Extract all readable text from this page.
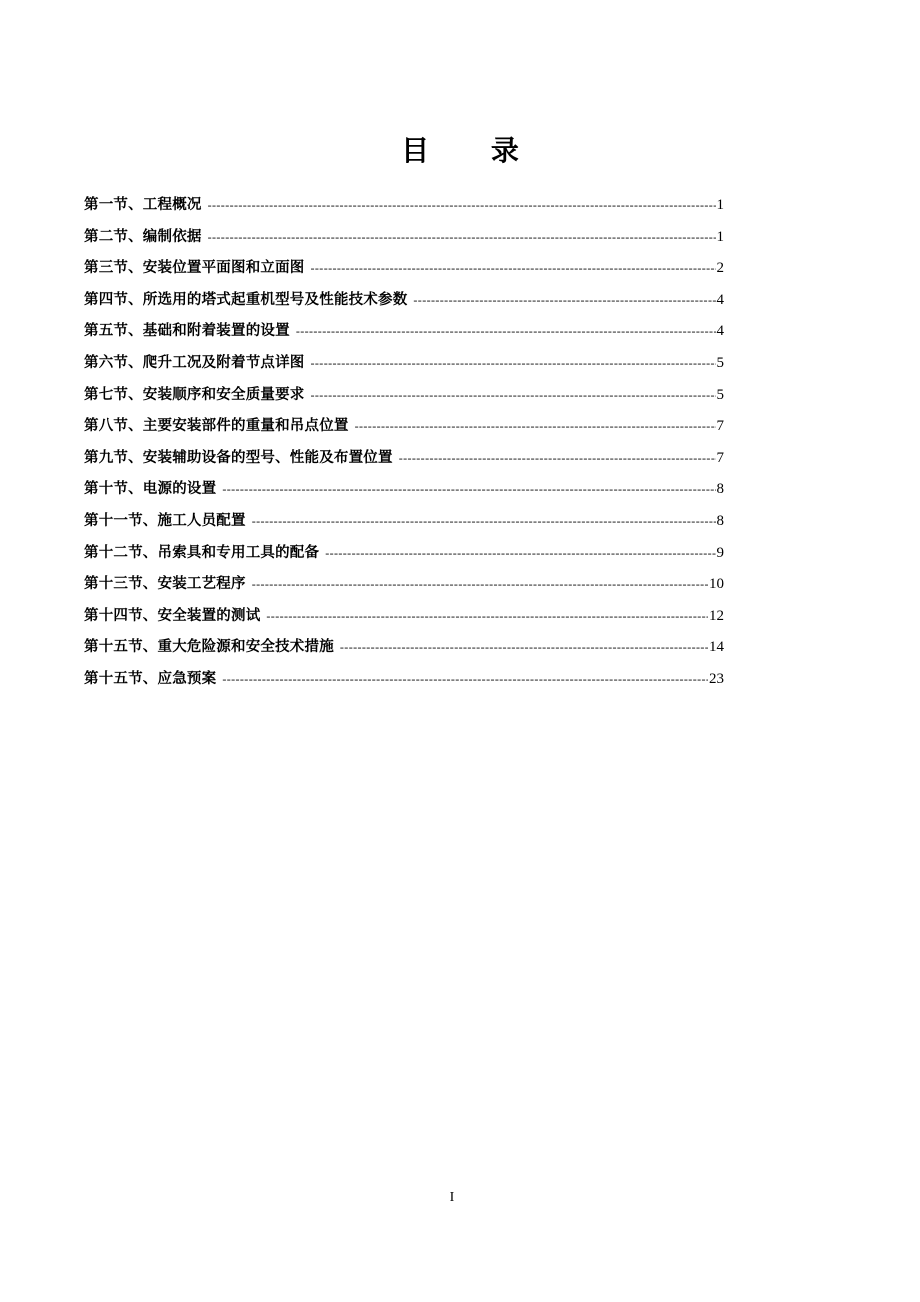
目 录
第一节、工程概况 -----	1
第二节、编制依据 -----	1
第三节、安装位置平面图和立面图 -----	2
第四节、所选用的塔式起重机型号及性能技术参数 -----	4
第五节、基础和附着装置的设置 -----	4
第六节、爬升工况及附着节点详图 -----	5
第七节、安装顺序和安全质量要求 -----	5
第八节、主要安装部件的重量和吊点位置 -----	7
第九节、安装辅助设备的型号、性能及布置位置 -----	7
第十节、电源的设置 -----	8
第十一节、施工人员配置 -----	8
第十二节、吊索具和专用工具的配备 -----	9
第十三节、安装工艺程序 -----	10
第十四节、安全装置的测试 -----	12
第十五节、重大危险源和安全技术措施 -----	14
第十五节、应急预案 -----	23
I
